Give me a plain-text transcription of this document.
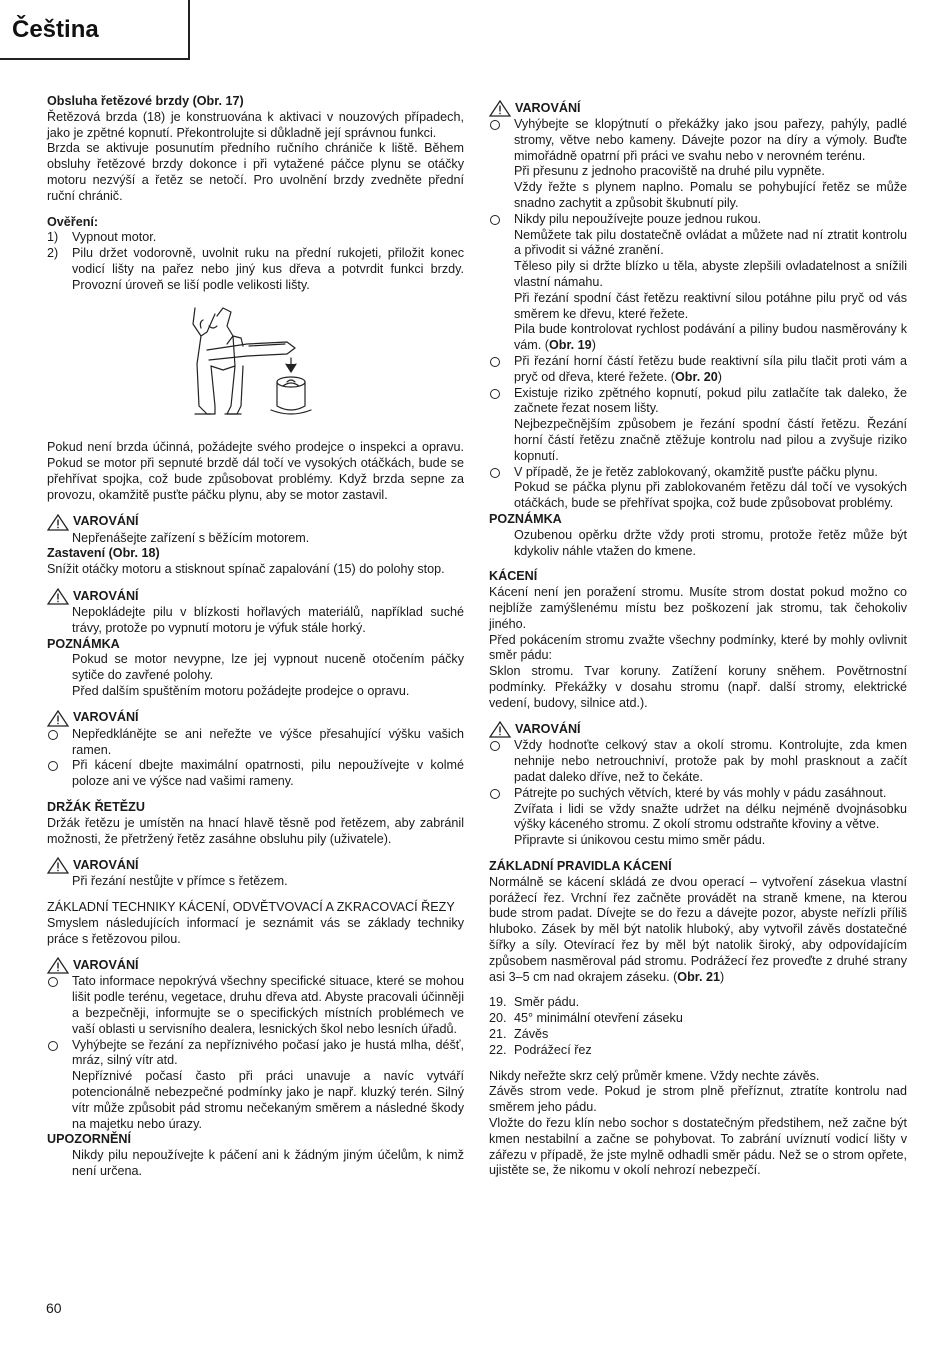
Čeština

Obsluha řetězové brzdy (Obr. 17)

Řetězová brzda (18) je konstruována k aktivaci v nouzových případech, jako je zpětné kopnutí. Překontrolujte si důkladně její správnou funkci.

Brzda se aktivuje posunutím předního ručního chrániče k liště. Během obsluhy řetězové brzdy dokonce i při vytažené páčce plynu se otáčky motoru nezvýší a řetěz se netočí. Pro uvolnění brzdy zvedněte přední ruční chránič.

Ověření:

1)	Vypnout motor.
2)	Pilu držet vodorovně, uvolnit ruku na přední rukojeti, přiložit konec vodicí lišty na pařez nebo jiný kus dřeva a potvrdit funkci brzdy. Provozní úroveň se liší podle velikosti lišty.

Pokud není brzda účinná, požádejte svého prodejce o inspekci a opravu. Pokud se motor při sepnuté brzdě dál točí ve vysokých otáčkách, bude se přehřívat spojka, což bude způsobovat problémy. Když brzda sepne za provozu, okamžitě pusťte páčku plynu, aby se motor zastavil.

VAROVÁNÍ

Nepřenášejte zařízení s běžícím motorem.

Zastavení (Obr. 18)

Snížit otáčky motoru a stisknout spínač zapalování (15) do polohy stop.

VAROVÁNÍ

Nepokládejte pilu v blízkosti hořlavých materiálů, například suché trávy, protože po vypnutí motoru je výfuk stále horký.

POZNÁMKA

Pokud se motor nevypne, lze jej vypnout nuceně otočením páčky sytiče do zavřené polohy.

Před dalším spuštěním motoru požádejte prodejce o opravu.

VAROVÁNÍ

Nepředklánějte se ani neřežte ve výšce přesahující výšku vašich ramen.

Při kácení dbejte maximální opatrnosti, pilu nepoužívejte v kolmé poloze ani ve výšce nad vašimi rameny.

DRŽÁK ŘETĚZU

Držák řetězu je umístěn na hnací hlavě těsně pod řetězem, aby zabránil možnosti, že přetržený řetěz zasáhne obsluhu pily (uživatele).

VAROVÁNÍ

Při řezání nestůjte v přímce s řetězem.

ZÁKLADNÍ TECHNIKY KÁCENÍ, ODVĚTVOVACÍ A ZKRACOVACÍ ŘEZY

Smyslem následujících informací je seznámit vás se základy techniky práce s řetězovou pilou.

VAROVÁNÍ

Tato informace nepokrývá všechny specifické situace, které se mohou lišit podle terénu, vegetace, druhu dřeva atd. Abyste pracovali účinněji a bezpečněji, informujte se o specifických místních problémech ve vaší oblasti u servisního dealera, lesnických škol nebo lesních úřadů.

Vyhýbejte se řezání za nepříznivého počasí jako je hustá mlha, déšť, mráz, silný vítr atd.

Nepříznivé počasí často při práci unavuje a navíc vytváří potencionálně nebezpečné podmínky jako je např. kluzký terén. Silný vítr může způsobit pád stromu nečekaným směrem a následné škody na majetku nebo úrazy.

UPOZORNĚNÍ

Nikdy pilu nepoužívejte k páčení ani k žádným jiným účelům, k nimž není určena.

VAROVÁNÍ

Vyhýbejte se klopýtnutí o překážky jako jsou pařezy, pahýly, padlé stromy, větve nebo kameny. Dávejte pozor na díry a výmoly. Buďte mimořádně opatrní při práci ve svahu nebo v nerovném terénu.

Při přesunu z jednoho pracoviště na druhé pilu vypněte.

Vždy řežte s plynem naplno. Pomalu se pohybující řetěz se může snadno zachytit a způsobit škubnutí pily.

Nikdy pilu nepoužívejte pouze jednou rukou.

Nemůžete tak pilu dostatečně ovládat a můžete nad ní ztratit kontrolu a přivodit si vážné zranění.

Těleso pily si držte blízko u těla, abyste zlepšili ovladatelnost a snížili vlastní námahu.

Při řezání spodní část řetězu reaktivní silou potáhne pilu pryč od vás směrem ke dřevu, které řežete.

Pila bude kontrolovat rychlost podávání a piliny budou nasměrovány k vám. (Obr. 19)

Při řezání horní částí řetězu bude reaktivní síla pilu tlačit proti vám a pryč od dřeva, které řežete. (Obr. 20)

Existuje riziko zpětného kopnutí, pokud pilu zatlačíte tak daleko, že začnete řezat nosem lišty.

Nejbezpečnějším způsobem je řezání spodní částí řetězu. Řezání horní částí řetězu značně ztěžuje kontrolu nad pilou a zvyšuje riziko kopnutí.

V případě, že je řetěz zablokovaný, okamžitě pusťte páčku plynu.

Pokud se páčka plynu při zablokovaném řetězu dál točí ve vysokých otáčkách, bude se přehřívat spojka, což bude způsobovat problémy.

POZNÁMKA

Ozubenou opěrku držte vždy proti stromu, protože řetěz může být kdykoliv náhle vtažen do kmene.

KÁCENÍ

Kácení není jen poražení stromu. Musíte strom dostat pokud možno co nejblíže zamýšlenému místu bez poškození jak stromu, tak čehokoliv jiného.

Před pokácením stromu zvažte všechny podmínky, které by mohly ovlivnit směr pádu:

Sklon stromu. Tvar koruny. Zatížení koruny sněhem. Povětrnostní podmínky. Překážky v dosahu stromu (např. další stromy, elektrické vedení, budovy, silnice atd.).

VAROVÁNÍ

Vždy hodnoťte celkový stav a okolí stromu. Kontrolujte, zda kmen nehnije nebo netrouchniví, protože pak by mohl prasknout a začít padat daleko dříve, než to čekáte.

Pátrejte po suchých větvích, které by vás mohly v pádu zasáhnout.

Zvířata i lidi se vždy snažte udržet na délku nejméně dvojnásobku výšky káceného stromu. Z okolí stromu odstraňte křoviny a větve.

Připravte si únikovou cestu mimo směr pádu.

ZÁKLADNÍ PRAVIDLA KÁCENÍ

Normálně se kácení skládá ze dvou operací – vytvoření zásekua vlastní porážecí řez. Vrchní řez začněte provádět na straně kmene, na kterou bude strom padat. Dívejte se do řezu a dávejte pozor, abyste neřízli příliš hluboko. Zásek by měl být natolik hluboký, aby vytvořil závěs dostatečné šířky a síly. Otevírací řez by měl být natolik široký, aby odpovídajícím způsobem nasměroval pád stromu. Podrážecí řez proveďte z druhé strany asi 3–5 cm nad okrajem záseku. (Obr. 21)

19. Směr pádu.
20. 45° minimální otevření záseku
21. Závěs
22. Podrážecí řez

Nikdy neřežte skrz celý průměr kmene. Vždy nechte závěs.

Závěs strom vede. Pokud je strom plně přeříznut, ztratíte kontrolu nad směrem jeho pádu.

Vložte do řezu klín nebo sochor s dostatečným předstihem, než začne být kmen nestabilní a začne se pohybovat. To zabrání uvíznutí vodicí lišty v zářezu v případě, že jste mylně odhadli směr pádu. Než se o strom opřete, ujistěte se, že nikomu v okolí nehrozí nebezpečí.

60
